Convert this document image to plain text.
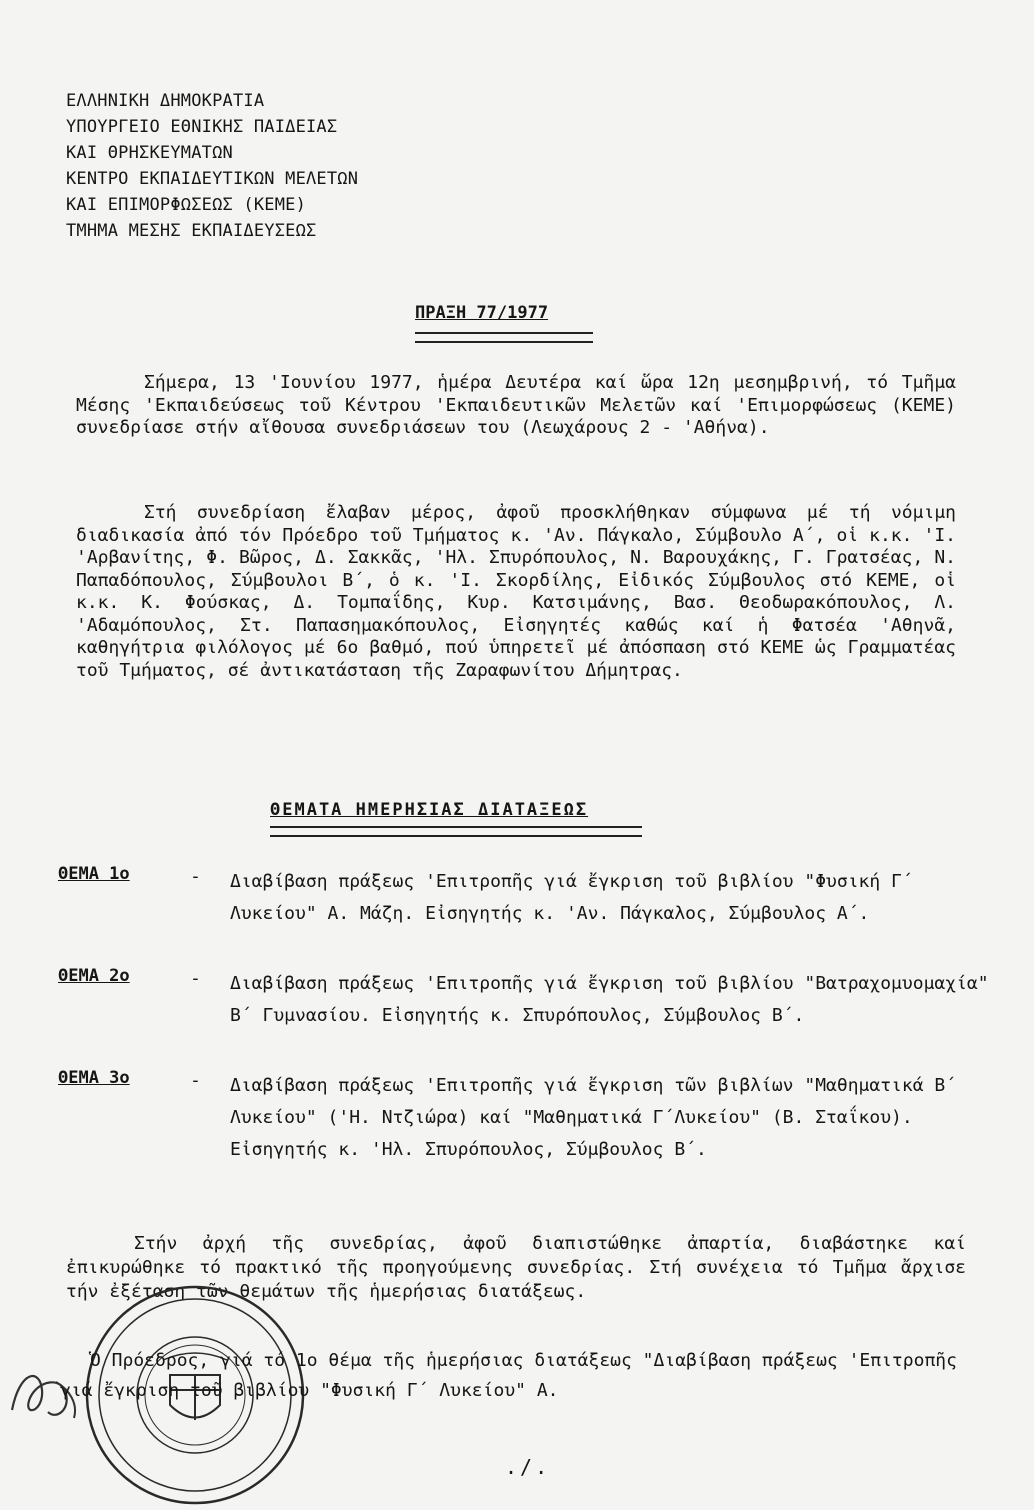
ΕΛΛΗΝΙΚΗ ΔΗΜΟΚΡΑΤΙΑ
ΥΠΟΥΡΓΕΙΟ ΕΘΝΙΚΗΣ ΠΑΙΔΕΙΑΣ
ΚΑΙ ΘΡΗΣΚΕΥΜΑΤΩΝ
ΚΕΝΤΡΟ ΕΚΠΑΙΔΕΥΤΙΚΩΝ ΜΕΛΕΤΩΝ
ΚΑΙ ΕΠΙΜΟΡΦΩΣΕΩΣ (ΚΕΜΕ)
ΤΜΗΜΑ ΜΕΣΗΣ ΕΚΠΑΙΔΕΥΣΕΩΣ
ΠΡΑΞΗ 77/1977

Σήμερα, 13 'Ιουνίου 1977, ἡμέρα Δευτέρα καί ὥρα 12η μεσημβρινή, τό Τμῆμα Μέσης 'Εκπαιδεύσεως τοῦ Κέντρου 'Εκπαιδευτικῶν Μελετῶν καί 'Επιμορφώσεως (ΚΕΜΕ) συνεδρίασε στήν αἴθουσα συνεδριάσεων του (Λεωχάρους 2 - 'Αθήνα).

Στή συνεδρίαση ἔλαβαν μέρος, ἀφοῦ προσκλήθηκαν σύμφωνα μέ τή νόμιμη διαδικασία ἀπό τόν Πρόεδρο τοῦ Τμήματος κ. 'Αν. Πάγκαλο, Σύμβουλο Α΄, οἱ κ.κ. 'Ι. 'Αρβανίτης, Φ. Βῶρος, Δ. Σακκᾶς, 'Ηλ. Σπυρόπουλος, Ν. Βαρουχάκης, Γ. Γρατσέας, Ν. Παπαδόπουλος, Σύμβουλοι Β΄, ὁ κ. 'Ι. Σκορδίλης, Εἰδικός Σύμβουλος στό ΚΕΜΕ, οἱ κ.κ. Κ. Φούσκας, Δ. Τομπαΐδης, Κυρ. Κατσιμάνης, Βασ. Θεοδωρακόπουλος, Λ. 'Αδαμόπουλος, Στ. Παπασημακόπουλος, Εἰσηγητές καθώς καί ἡ Φατσέα 'Αθηνᾶ, καθηγήτρια φιλόλογος μέ 6ο βαθμό, πού ὑπηρετεῖ μέ ἀπόσπαση στό ΚΕΜΕ ὡς Γραμματέας τοῦ Τμήματος, σέ ἀντικατάσταση τῆς Ζαραφωνίτου Δήμητρας.

ΘΕΜΑΤΑ ΗΜΕΡΗΣΙΑΣ ΔΙΑΤΑΞΕΩΣ
ΘΕΜΑ 1ο	- Διαβίβαση πράξεως 'Επιτροπῆς γιά ἔγκριση τοῦ βιβλίου "Φυσική Γ΄ Λυκείου" Α. Μάζη. Εἰσηγητής κ. 'Αν. Πάγκαλος, Σύμβουλος Α΄.

ΘΕΜΑ 2ο	- Διαβίβαση πράξεως 'Επιτροπῆς γιά ἔγκριση τοῦ βιβλίου "Βατραχομυομαχία" Β΄ Γυμνασίου. Εἰσηγητής κ. Σπυρόπουλος, Σύμβουλος Β΄.

ΘΕΜΑ 3ο	- Διαβίβαση πράξεως 'Επιτροπῆς γιά ἔγκριση τῶν βιβλίων "Μαθηματικά Β΄ Λυκείου" ('Η. Ντζιώρα) καί "Μαθηματικά Γ΄Λυκείου" (Β. Σταΐκου). Εἰσηγητής κ. 'Ηλ. Σπυρόπουλος, Σύμβουλος Β΄.

Στήν ἀρχή τῆς συνεδρίας, ἀφοῦ διαπιστώθηκε ἀπαρτία, διαβάστηκε καί ἐπικυρώθηκε τό πρακτικό τῆς προηγούμενης συνεδρίας. Στή συνέχεια τό Τμῆμα ἄρχισε τήν ἐξέταση τῶν θεμάτων τῆς ἡμερήσιας διατάξεως.

Ὁ Πρόεδρος, γιά τό 1ο θέμα τῆς ἡμερήσιας διατάξεως "Διαβίβαση πράξεως 'Επιτροπῆς γιά ἔγκριση τοῦ βιβλίου "Φυσική Γ΄ Λυκείου" Α.

./.
